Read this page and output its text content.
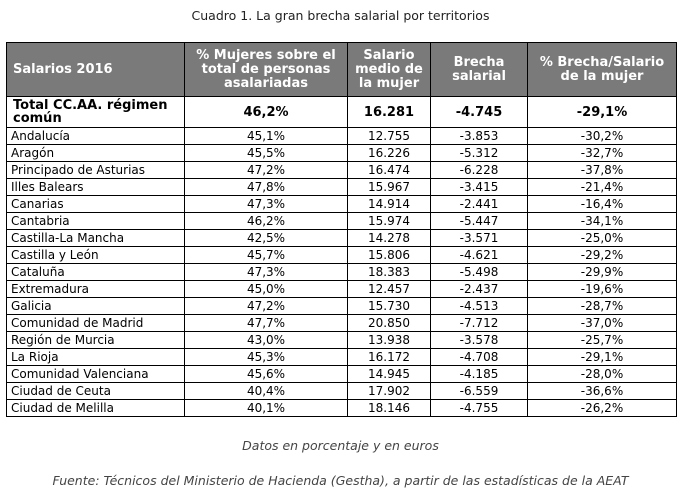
Cuadro 1. La gran brecha salarial por territorios
Salarios 2016	% Mujeres sobre el total de personas asalariadas	Salario medio de la mujer	Brecha salarial	% Brecha/Salario de la mujer
Total CC.AA. régimen común	46,2%	16.281	-4.745	-29,1%
Andalucía	45,1%	12.755	-3.853	-30,2%
Aragón	45,5%	16.226	-5.312	-32,7%
Principado de Asturias	47,2%	16.474	-6.228	-37,8%
Illes Balears	47,8%	15.967	-3.415	-21,4%
Canarias	47,3%	14.914	-2.441	-16,4%
Cantabria	46,2%	15.974	-5.447	-34,1%
Castilla-La Mancha	42,5%	14.278	-3.571	-25,0%
Castilla y León	45,7%	15.806	-4.621	-29,2%
Cataluña	47,3%	18.383	-5.498	-29,9%
Extremadura	45,0%	12.457	-2.437	-19,6%
Galicia	47,2%	15.730	-4.513	-28,7%
Comunidad de Madrid	47,7%	20.850	-7.712	-37,0%
Región de Murcia	43,0%	13.938	-3.578	-25,7%
La Rioja	45,3%	16.172	-4.708	-29,1%
Comunidad Valenciana	45,6%	14.945	-4.185	-28,0%
Ciudad de Ceuta	40,4%	17.902	-6.559	-36,6%
Ciudad de Melilla	40,1%	18.146	-4.755	-26,2%
Datos en porcentaje y en euros
Fuente: Técnicos del Ministerio de Hacienda (Gestha), a partir de las estadísticas de la AEAT
